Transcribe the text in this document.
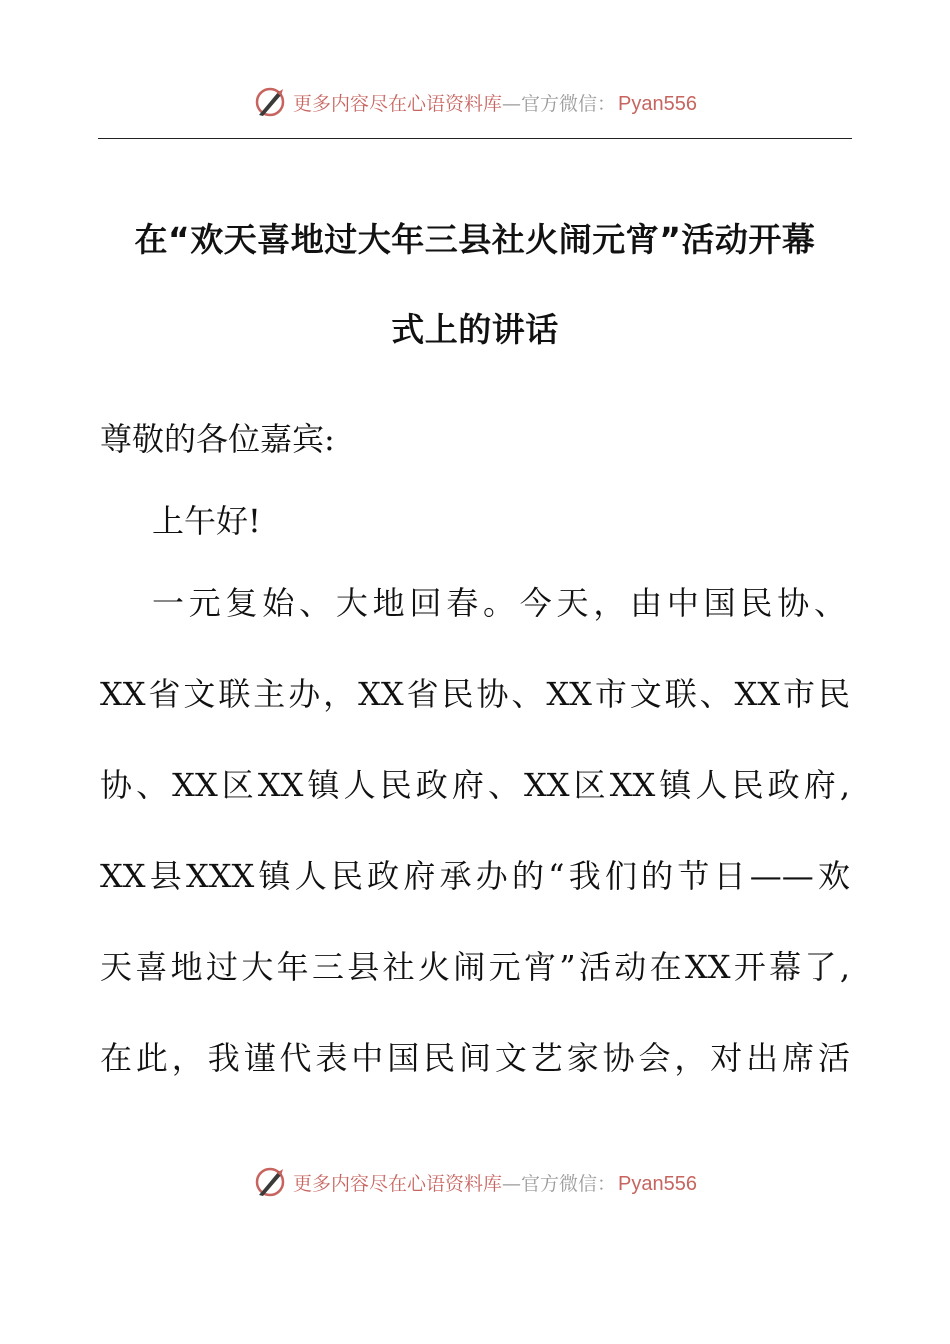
更多内容尽在心语资料库—官方微信： Pyan556
在“欢天喜地过大年三县社火闹元宵”活动开幕
式上的讲话
尊敬的各位嘉宾:
上午好!
一元复始、大地回春。今天，由中国民协、
XX省文联主办，XX省民协、XX市文联、XX市民
协、XX区XX镇人民政府、XX区XX镇人民政府,
XX县XXX镇人民政府承办的“我们的节日——欢
天喜地过大年三县社火闹元宵”活动在XX开幕了,
在此，我谨代表中国民间文艺家协会，对出席活
更多内容尽在心语资料库—官方微信： Pyan556
